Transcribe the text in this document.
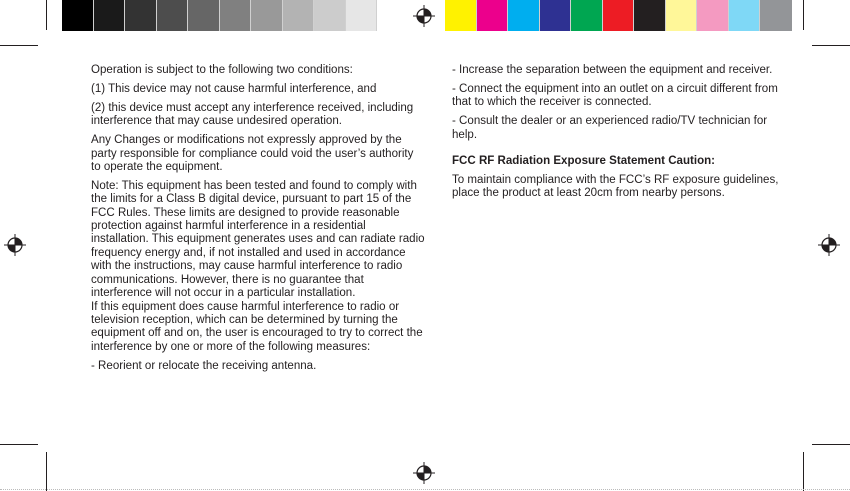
Operation is subject to the following two conditions:

(1) This device may not cause harmful interference, and

(2) this device must accept any interference received, including interference that may cause undesired operation.

Any Changes or modifications not expressly approved by the party responsible for compliance could void the user’s authority to operate the equipment.

Note: This equipment has been tested and found to comply with the limits for a Class B digital device, pursuant to part 15 of the FCC Rules. These limits are designed to provide reasonable protection against harmful interference in a residential installation. This equipment generates uses and can radiate radio frequency energy and, if not installed and used in accordance with the instructions, may cause harmful interference to radio communications. However, there is no guarantee that interference will not occur in a particular installation.

If this equipment does cause harmful interference to radio or television reception, which can be determined by turning the equipment off and on, the user is encouraged to try to correct the interference by one or more of the following measures:

- Reorient or relocate the receiving antenna.

- Increase the separation between the equipment and receiver.

- Connect the equipment into an outlet on a circuit different from that to which the receiver is connected.

- Consult the dealer or an experienced radio/TV technician for help.

FCC RF Radiation Exposure Statement Caution:

To maintain compliance with the FCC’s RF exposure guidelines, place the product at least 20cm from nearby persons.
